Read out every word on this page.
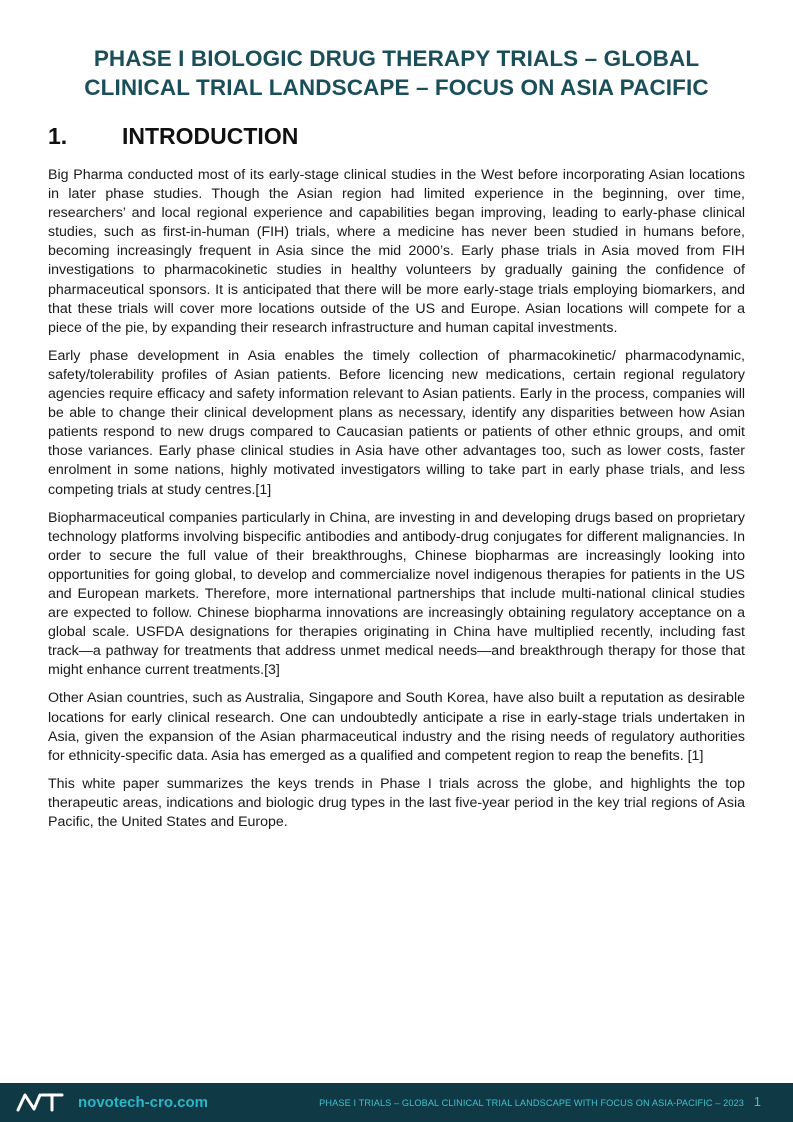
PHASE I BIOLOGIC DRUG THERAPY TRIALS – GLOBAL
CLINICAL TRIAL LANDSCAPE – FOCUS ON ASIA PACIFIC
1. INTRODUCTION

Big Pharma conducted most of its early-stage clinical studies in the West before incorporating Asian locations in later phase studies. Though the Asian region had limited experience in the beginning, over time, researchers’ and local regional experience and capabilities began improving, leading to early-phase clinical studies, such as first-in-human (FIH) trials, where a medicine has never been studied in humans before, becoming increasingly frequent in Asia since the mid 2000’s. Early phase trials in Asia moved from FIH investigations to pharmacokinetic studies in healthy volunteers by gradually gaining the confidence of pharmaceutical sponsors. It is anticipated that there will be more early-stage trials employing biomarkers, and that these trials will cover more locations outside of the US and Europe. Asian locations will compete for a piece of the pie, by expanding their research infrastructure and human capital investments.

Early phase development in Asia enables the timely collection of pharmacokinetic/ pharmacodynamic, safety/tolerability profiles of Asian patients. Before licencing new medications, certain regional regulatory agencies require efficacy and safety information relevant to Asian patients. Early in the process, companies will be able to change their clinical development plans as necessary, identify any disparities between how Asian patients respond to new drugs compared to Caucasian patients or patients of other ethnic groups, and omit those variances. Early phase clinical studies in Asia have other advantages too, such as lower costs, faster enrolment in some nations, highly motivated investigators willing to take part in early phase trials, and less competing trials at study centres.[1]

Biopharmaceutical companies particularly in China, are investing in and developing drugs based on proprietary technology platforms involving bispecific antibodies and antibody-drug conjugates for different malignancies. In order to secure the full value of their breakthroughs, Chinese biopharmas are increasingly looking into opportunities for going global, to develop and commercialize novel indigenous therapies for patients in the US and European markets. Therefore, more international partnerships that include multi-national clinical studies are expected to follow. Chinese biopharma innovations are increasingly obtaining regulatory acceptance on a global scale. USFDA designations for therapies originating in China have multiplied recently, including fast track—a pathway for treatments that address unmet medical needs—and breakthrough therapy for those that might enhance current treatments.[3]

Other Asian countries, such as Australia, Singapore and South Korea, have also built a reputation as desirable locations for early clinical research. One can undoubtedly anticipate a rise in early-stage trials undertaken in Asia, given the expansion of the Asian pharmaceutical industry and the rising needs of regulatory authorities for ethnicity-specific data. Asia has emerged as a qualified and competent region to reap the benefits. [1]

This white paper summarizes the keys trends in Phase I trials across the globe, and highlights the top therapeutic areas, indications and biologic drug types in the last five-year period in the key trial regions of Asia Pacific, the United States and Europe.

novotech-cro.com	PHASE I TRIALS – GLOBAL CLINICAL TRIAL LANDSCAPE WITH FOCUS ON ASIA-PACIFIC – 2023 1
